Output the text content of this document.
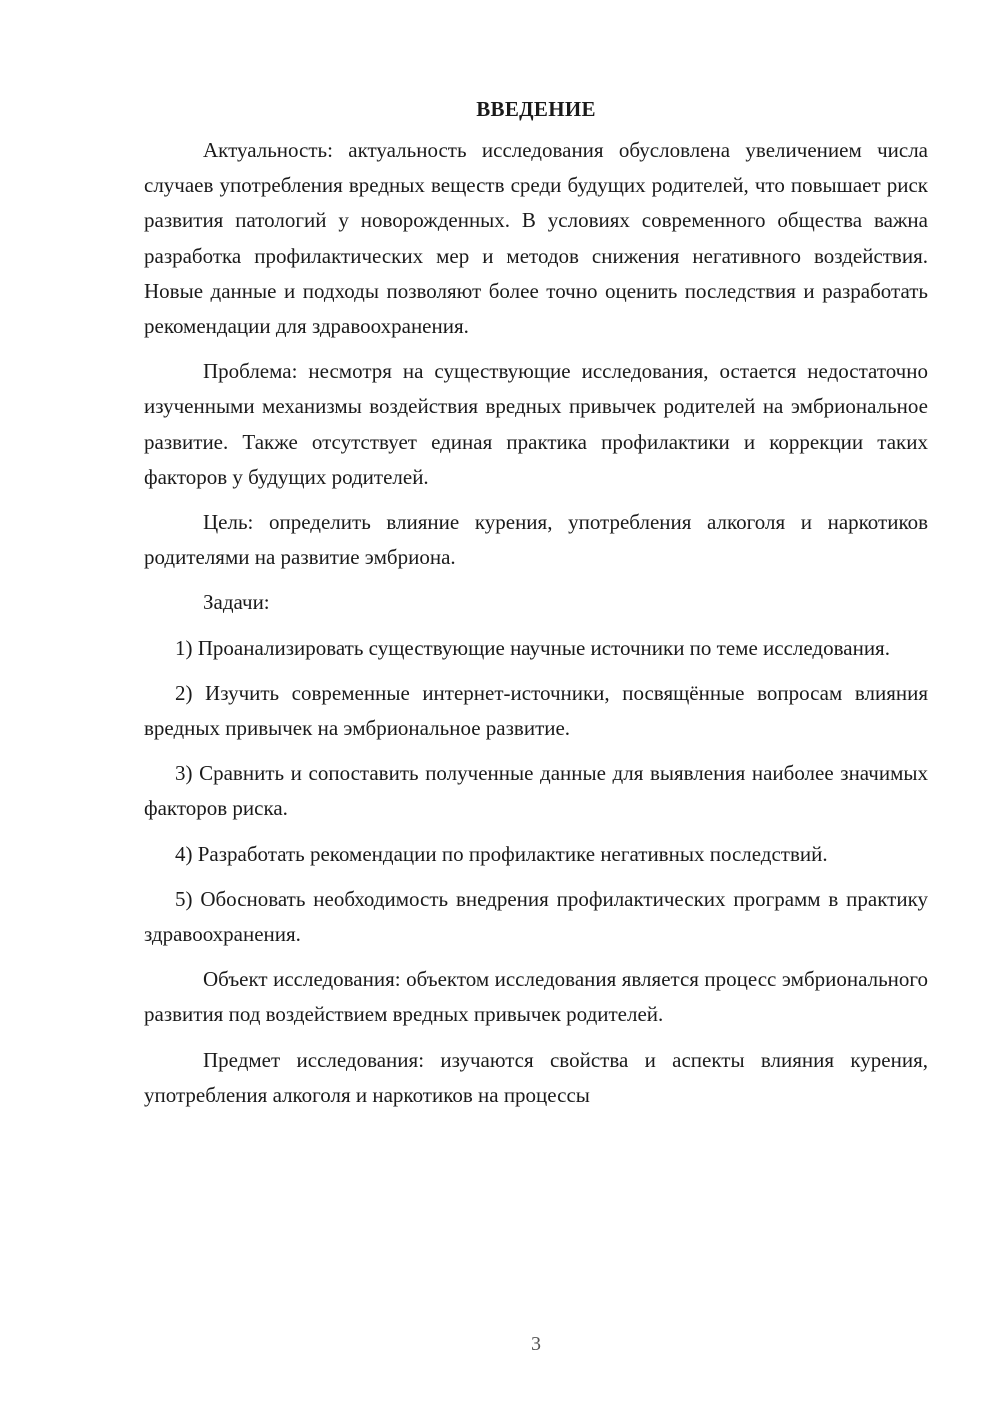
ВВЕДЕНИЕ

Актуальность: актуальность исследования обусловлена увеличением числа случаев употребления вредных веществ среди будущих родителей, что повышает риск развития патологий у новорожденных. В условиях современного общества важна разработка профилактических мер и методов снижения негативного воздействия. Новые данные и подходы позволяют более точно оценить последствия и разработать рекомендации для здравоохранения.

Проблема: несмотря на существующие исследования, остается недостаточно изученными механизмы воздействия вредных привычек родителей на эмбриональное развитие. Также отсутствует единая практика профилактики и коррекции таких факторов у будущих родителей.

Цель: определить влияние курения, употребления алкоголя и наркотиков родителями на развитие эмбриона.

Задачи:

1) Проанализировать существующие научные источники по теме исследования.

2) Изучить современные интернет-источники, посвящённые вопросам влияния вредных привычек на эмбриональное развитие.

3) Сравнить и сопоставить полученные данные для выявления наиболее значимых факторов риска.

4) Разработать рекомендации по профилактике негативных последствий.

5) Обосновать необходимость внедрения профилактических программ в практику здравоохранения.

Объект исследования: объектом исследования является процесс эмбрионального развития под воздействием вредных привычек родителей.

Предмет исследования: изучаются свойства и аспекты влияния курения, употребления алкоголя и наркотиков на процессы

3
